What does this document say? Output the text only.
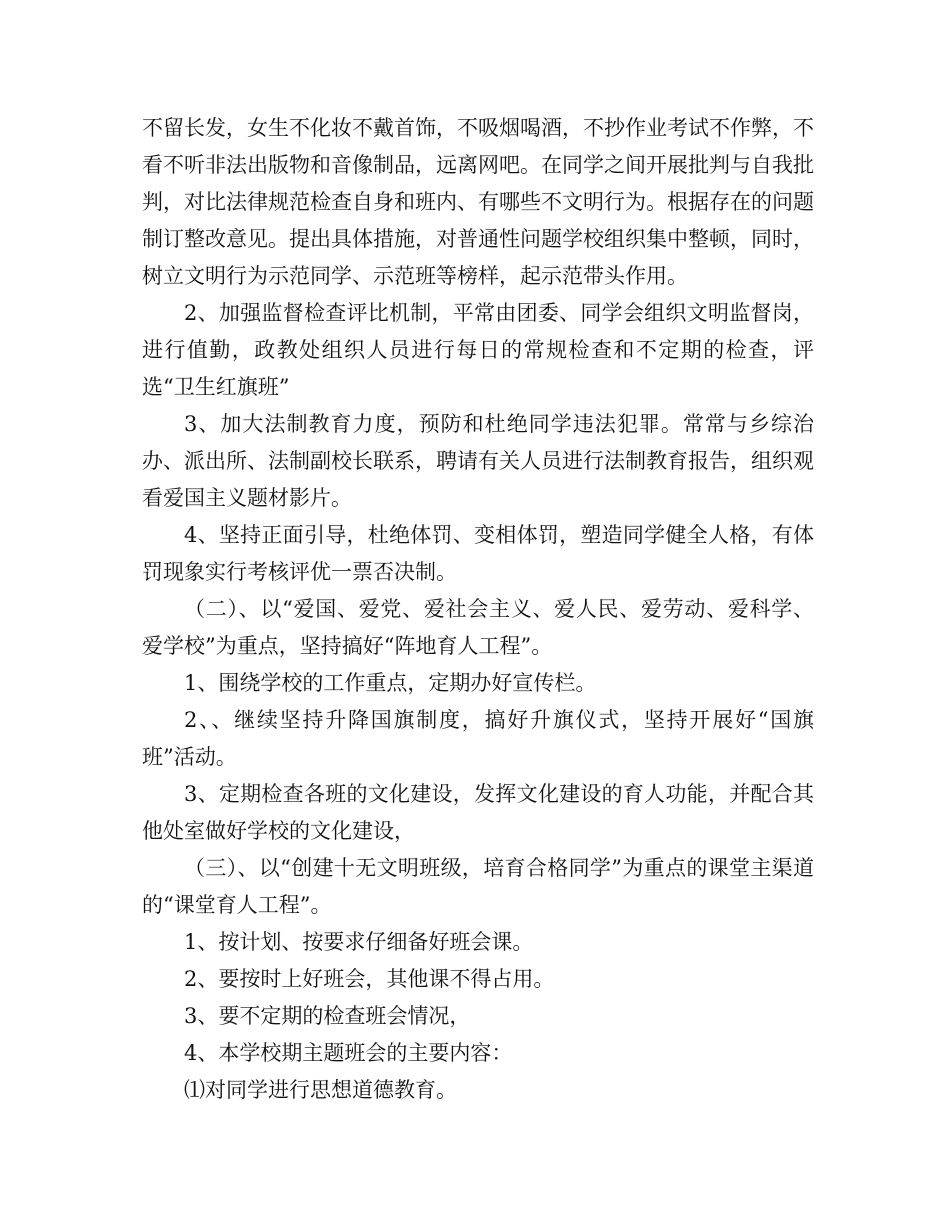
不留长发，女生不化妆不戴首饰，不吸烟喝酒，不抄作业考试不作弊，不看不听非法出版物和音像制品，远离网吧。在同学之间开展批判与自我批判，对比法律规范检查自身和班内、有哪些不文明行为。根据存在的问题制订整改意见。提出具体措施，对普通性问题学校组织集中整顿，同时，树立文明行为示范同学、示范班等榜样，起示范带头作用。

2、加强监督检查评比机制，平常由团委、同学会组织文明监督岗，进行值勤，政教处组织人员进行每日的常规检查和不定期的检查，评选“卫生红旗班”

3、加大法制教育力度，预防和杜绝同学违法犯罪。常常与乡综治办、派出所、法制副校长联系，聘请有关人员进行法制教育报告，组织观看爱国主义题材影片。

4、坚持正面引导，杜绝体罚、变相体罚，塑造同学健全人格，有体罚现象实行考核评优一票否决制。

（二）、以“爱国、爱党、爱社会主义、爱人民、爱劳动、爱科学、爱学校”为重点，坚持搞好“阵地育人工程”。

1、围绕学校的工作重点，定期办好宣传栏。

2、、继续坚持升降国旗制度，搞好升旗仪式，坚持开展好“国旗班”活动。

3、定期检查各班的文化建设，发挥文化建设的育人功能，并配合其他处室做好学校的文化建设，

（三）、以“创建十无文明班级，培育合格同学”为重点的课堂主渠道的“课堂育人工程”。

1、按计划、按要求仔细备好班会课。

2、要按时上好班会，其他课不得占用。

3、要不定期的检查班会情况，

4、本学校期主题班会的主要内容：

⑴对同学进行思想道德教育。
